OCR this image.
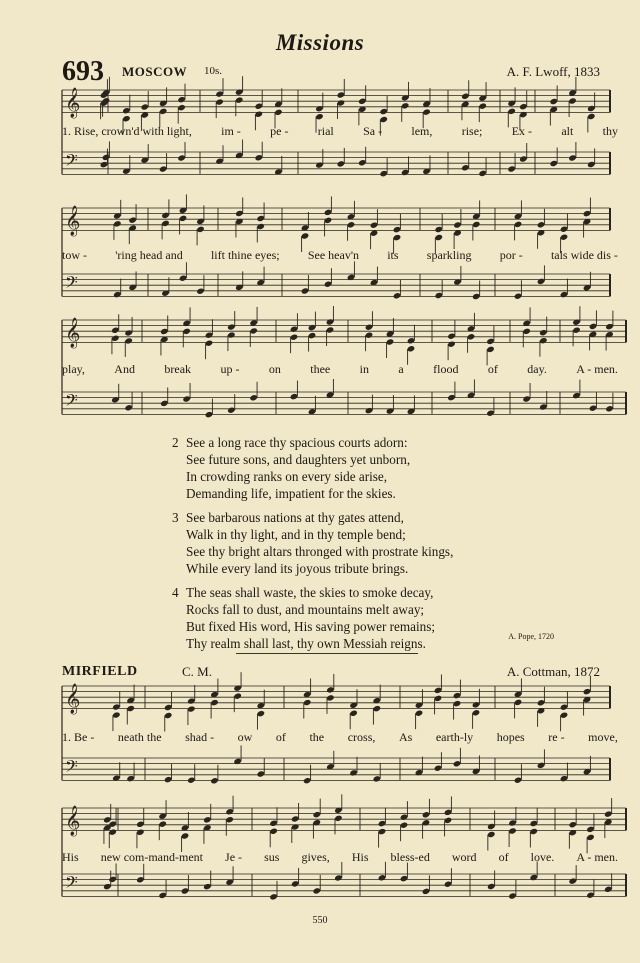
Missions
693 MOSCOW 10s.	A. F. Lwoff, 1833
𝄞
𝄢
𝄞
𝄢
𝄞
𝄢
𝄞
𝄢
𝄞
𝄢
1. Rise, crown'd with light, im - pe - rial Sa - lem, rise; Ex - alt thy
tow - 'ring head and lift thine eyes; See heav'n its sparkling por - tals wide dis -
play, And break up - on thee in a flood of day. A - men.
2 See a long race thy spacious courts adorn:
See future sons, and daughters yet unborn,
In crowding ranks on every side arise,
Demanding life, impatient for the skies.
3 See barbarous nations at thy gates attend,
Walk in thy light, and in thy temple bend;
See thy bright altars thronged with prostrate kings,
While every land its joyous tribute brings.
4 The seas shall waste, the skies to smoke decay,
Rocks fall to dust, and mountains melt away;
But fixed His word, His saving power remains;
Thy realm shall last, thy own Messiah reigns.	A. Pope, 1720
MIRFIELD	C. M.	A. Cottman, 1872
1. Be - neath the shad - ow of the cross, As earth-ly hopes re - move,
His new com-mand-ment Je - sus gives, His bless-ed word of love. A - men.
550
